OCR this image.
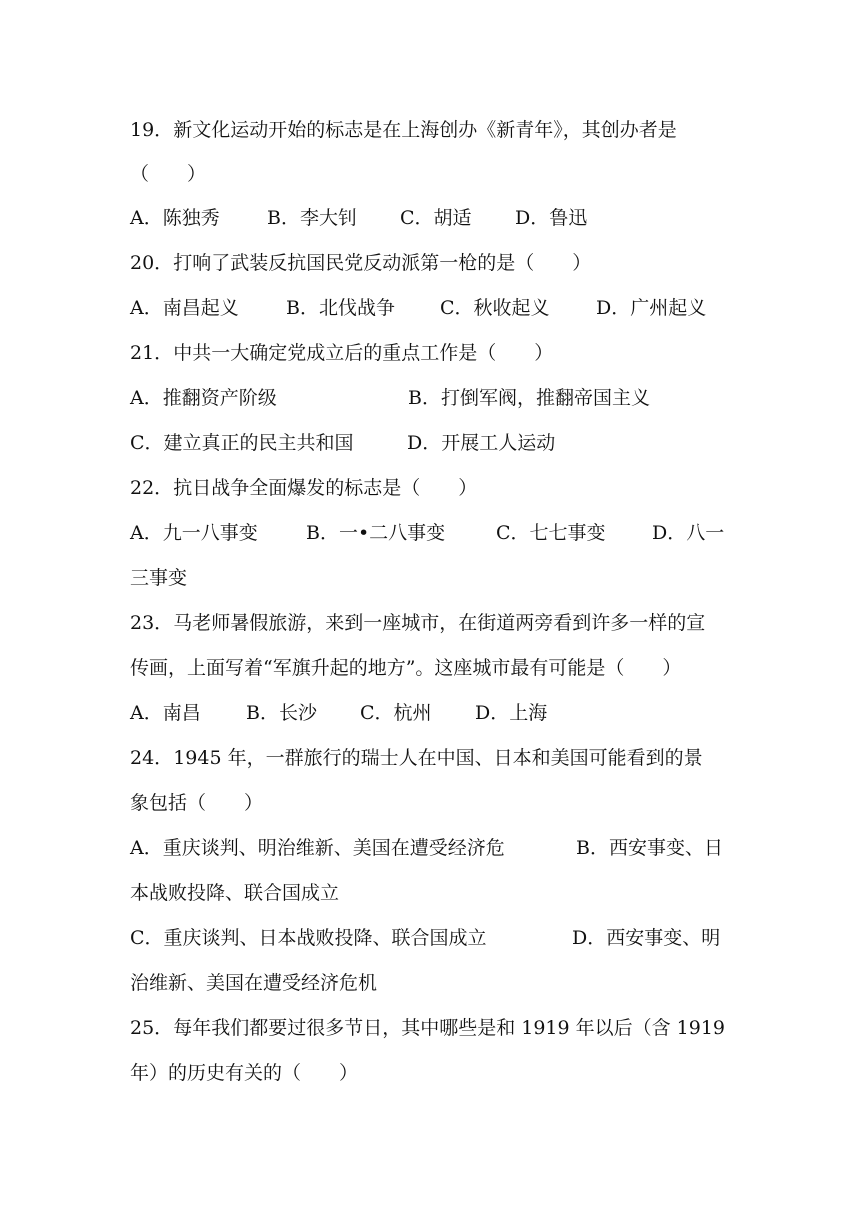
19．新文化运动开始的标志是在上海创办《新青年》，其创办者是
（　　）
A．陈独秀 B．李大钊 C．胡适 D．鲁迅
20．打响了武装反抗国民党反动派第一枪的是（　　）
A．南昌起义 B．北伐战争 C．秋收起义 D．广州起义
21．中共一大确定党成立后的重点工作是（　　）
A．推翻资产阶级	B．打倒军阀，推翻帝国主义
C．建立真正的民主共和国	D．开展工人运动
22．抗日战争全面爆发的标志是（　　）
A．九一八事变	B．一•二八事变	C．七七事变 D．八一
三事变
23．马老师暑假旅游，来到一座城市，在街道两旁看到许多一样的宣
传画，上面写着“军旗升起的地方”。这座城市最有可能是（　　）
A．南昌 B．长沙 C．杭州 D．上海
24．1945 年，一群旅行的瑞士人在中国、日本和美国可能看到的景
象包括（　　）
A．重庆谈判、明治维新、美国在遭受经济危	B．西安事变、日
本战败投降、联合国成立
C．重庆谈判、日本战败投降、联合国成立	D．西安事变、明
治维新、美国在遭受经济危机
25．每年我们都要过很多节日，其中哪些是和 1919 年以后（含 1919
年）的历史有关的（　　）
